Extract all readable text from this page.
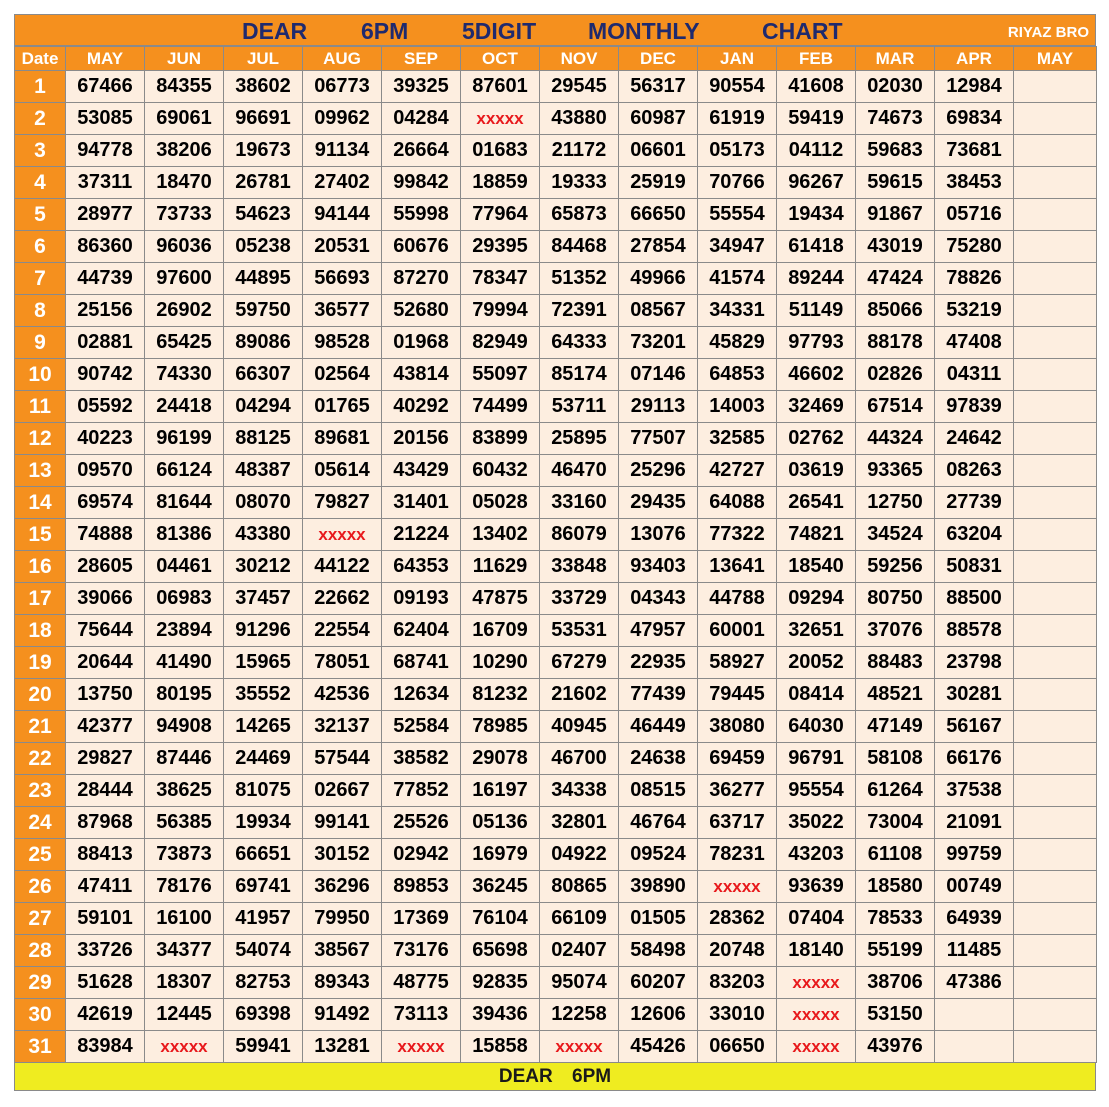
DEAR 6PM 5DIGIT MONTHLY	CHART	RIYAZ BRO
Date	MAY	JUN	JUL	AUG	SEP	OCT	NOV	DEC	JAN	FEB	MAR	APR	MAY
1	67466	84355	38602	06773	39325	87601	29545	56317	90554	41608	02030	12984	
2	53085	69061	96691	09962	04284	xxxxx	43880	60987	61919	59419	74673	69834	
3	94778	38206	19673	91134	26664	01683	21172	06601	05173	04112	59683	73681	
4	37311	18470	26781	27402	99842	18859	19333	25919	70766	96267	59615	38453	
5	28977	73733	54623	94144	55998	77964	65873	66650	55554	19434	91867	05716	
6	86360	96036	05238	20531	60676	29395	84468	27854	34947	61418	43019	75280	
7	44739	97600	44895	56693	87270	78347	51352	49966	41574	89244	47424	78826	
8	25156	26902	59750	36577	52680	79994	72391	08567	34331	51149	85066	53219	
9	02881	65425	89086	98528	01968	82949	64333	73201	45829	97793	88178	47408	
10	90742	74330	66307	02564	43814	55097	85174	07146	64853	46602	02826	04311	
11	05592	24418	04294	01765	40292	74499	53711	29113	14003	32469	67514	97839	
12	40223	96199	88125	89681	20156	83899	25895	77507	32585	02762	44324	24642	
13	09570	66124	48387	05614	43429	60432	46470	25296	42727	03619	93365	08263	
14	69574	81644	08070	79827	31401	05028	33160	29435	64088	26541	12750	27739	
15	74888	81386	43380	xxxxx	21224	13402	86079	13076	77322	74821	34524	63204	
16	28605	04461	30212	44122	64353	11629	33848	93403	13641	18540	59256	50831	
17	39066	06983	37457	22662	09193	47875	33729	04343	44788	09294	80750	88500	
18	75644	23894	91296	22554	62404	16709	53531	47957	60001	32651	37076	88578	
19	20644	41490	15965	78051	68741	10290	67279	22935	58927	20052	88483	23798	
20	13750	80195	35552	42536	12634	81232	21602	77439	79445	08414	48521	30281	
21	42377	94908	14265	32137	52584	78985	40945	46449	38080	64030	47149	56167	
22	29827	87446	24469	57544	38582	29078	46700	24638	69459	96791	58108	66176	
23	28444	38625	81075	02667	77852	16197	34338	08515	36277	95554	61264	37538	
24	87968	56385	19934	99141	25526	05136	32801	46764	63717	35022	73004	21091	
25	88413	73873	66651	30152	02942	16979	04922	09524	78231	43203	61108	99759	
26	47411	78176	69741	36296	89853	36245	80865	39890	xxxxx	93639	18580	00749	
27	59101	16100	41957	79950	17369	76104	66109	01505	28362	07404	78533	64939	
28	33726	34377	54074	38567	73176	65698	02407	58498	20748	18140	55199	11485	
29	51628	18307	82753	89343	48775	92835	95074	60207	83203	xxxxx	38706	47386	
30	42619	12445	69398	91492	73113	39436	12258	12606	33010	xxxxx	53150		
31	83984	xxxxx	59941	13281	xxxxx	15858	xxxxx	45426	06650	xxxxx	43976		
DEAR 6PM
